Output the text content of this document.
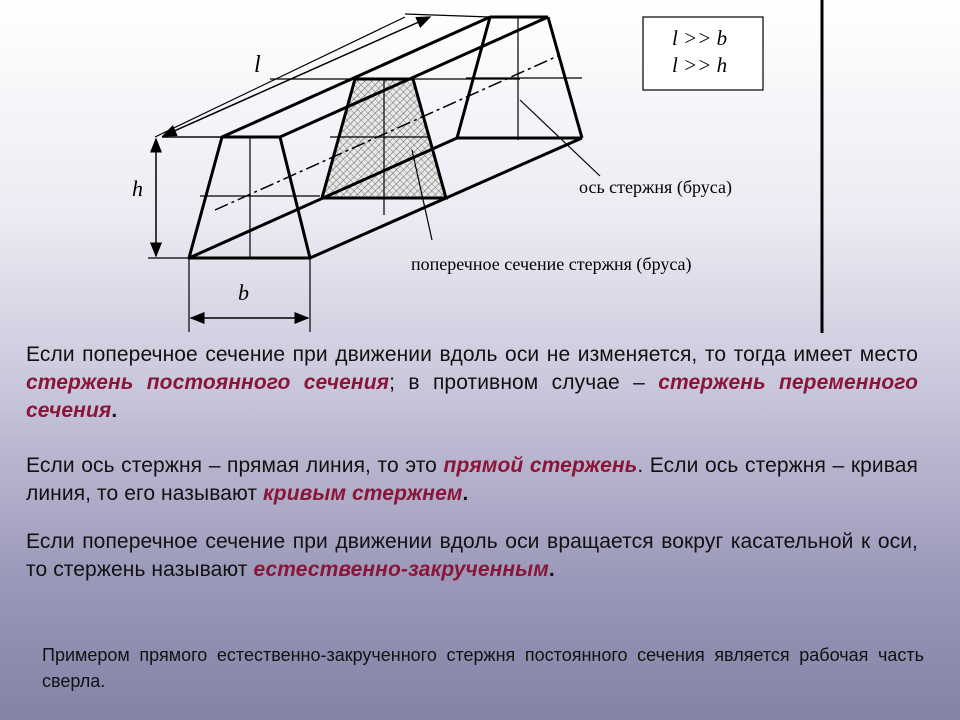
l
h
b
l >> b
l >> h
ось стержня (бруса)
поперечное сечение стержня (бруса)

Если поперечное сечение при движении вдоль оси не изменяется, то тогда имеет место стержень постоянного сечения; в противном случае – стержень переменного сечения.

Если ось стержня – прямая линия, то это прямой стержень. Если ось стержня – кривая линия, то его называют кривым стержнем.

Если поперечное сечение при движении вдоль оси вращается вокруг касательной к оси, то стержень называют естественно-закрученным.

Примером прямого естественно-закрученного стержня постоянного сечения является рабочая часть сверла.
